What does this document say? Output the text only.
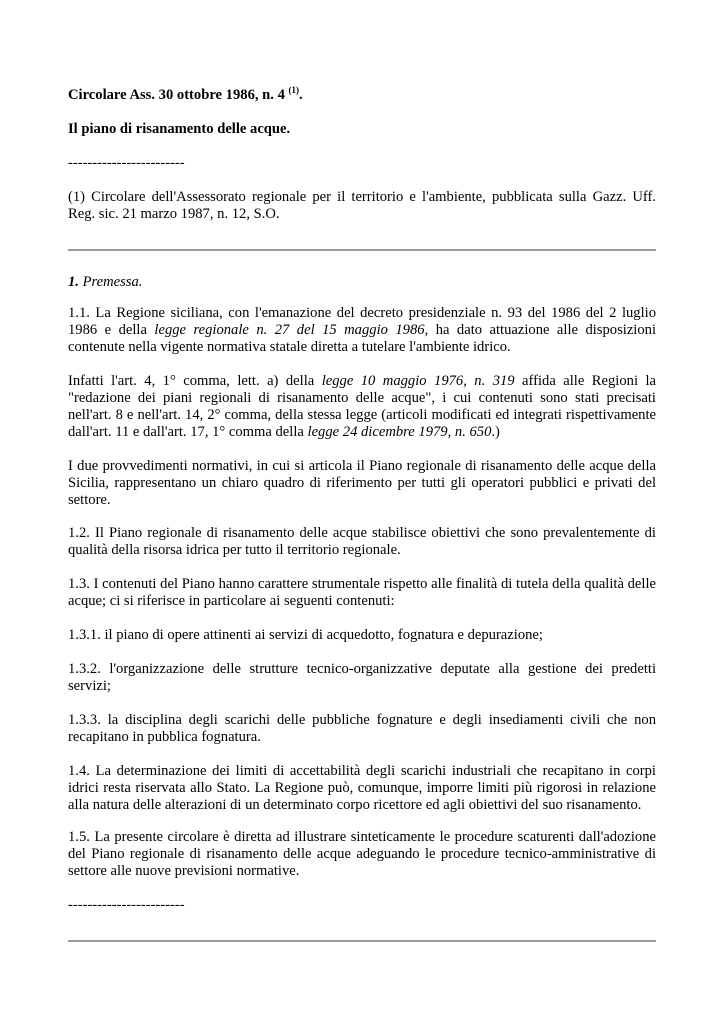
Circolare Ass. 30 ottobre 1986, n. 4 $^{(1)}$.

Il piano di risanamento delle acque.

------------------------

(1) Circolare dell'Assessorato regionale per il territorio e l'ambiente, pubblicata sulla Gazz. Uff. Reg. sic. 21 marzo 1987, n. 12, S.O.

1. Premessa.

1.1. La Regione siciliana, con l'emanazione del decreto presidenziale n. 93 del 1986 del 2 luglio 1986 e della legge regionale n. 27 del 15 maggio 1986, ha dato attuazione alle disposizioni contenute nella vigente normativa statale diretta a tutelare l'ambiente idrico.

Infatti l'art. 4, 1° comma, lett. a) della legge 10 maggio 1976, n. 319 affida alle Regioni la "redazione dei piani regionali di risanamento delle acque", i cui contenuti sono stati precisati nell'art. 8 e nell'art. 14, 2° comma, della stessa legge (articoli modificati ed integrati rispettivamente dall'art. 11 e dall'art. 17, 1° comma della legge 24 dicembre 1979, n. 650.)

I due provvedimenti normativi, in cui si articola il Piano regionale di risanamento delle acque della Sicilia, rappresentano un chiaro quadro di riferimento per tutti gli operatori pubblici e privati del settore.

1.2. Il Piano regionale di risanamento delle acque stabilisce obiettivi che sono prevalentemente di qualità della risorsa idrica per tutto il territorio regionale.

1.3. I contenuti del Piano hanno carattere strumentale rispetto alle finalità di tutela della qualità delle acque; ci si riferisce in particolare ai seguenti contenuti:

1.3.1. il piano di opere attinenti ai servizi di acquedotto, fognatura e depurazione;

1.3.2. l'organizzazione delle strutture tecnico-organizzative deputate alla gestione dei predetti servizi;

1.3.3. la disciplina degli scarichi delle pubbliche fognature e degli insediamenti civili che non recapitano in pubblica fognatura.

1.4. La determinazione dei limiti di accettabilità degli scarichi industriali che recapitano in corpi idrici resta riservata allo Stato. La Regione può, comunque, imporre limiti più rigorosi in relazione alla natura delle alterazioni di un determinato corpo ricettore ed agli obiettivi del suo risanamento.

1.5. La presente circolare è diretta ad illustrare sinteticamente le procedure scaturenti dall'adozione del Piano regionale di risanamento delle acque adeguando le procedure tecnico-amministrative di settore alle nuove previsioni normative.

------------------------
